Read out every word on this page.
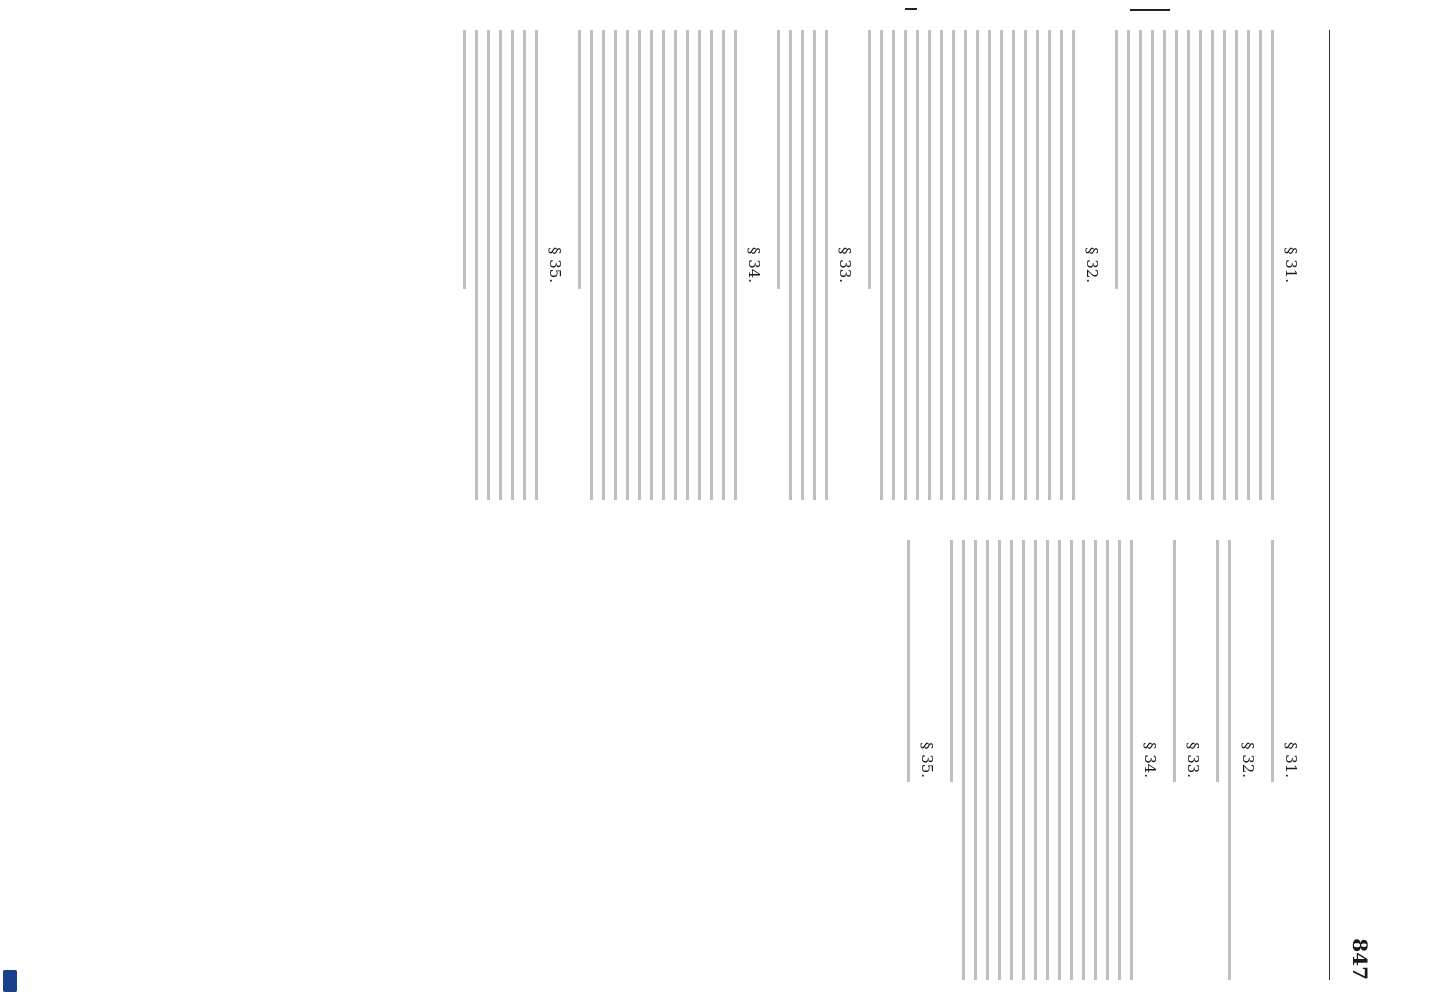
847
§ 31.
§ 32.
§ 33.
§ 34.
§ 35.
§ 31.
§ 32.
§ 33.
§ 34.
§ 35.
